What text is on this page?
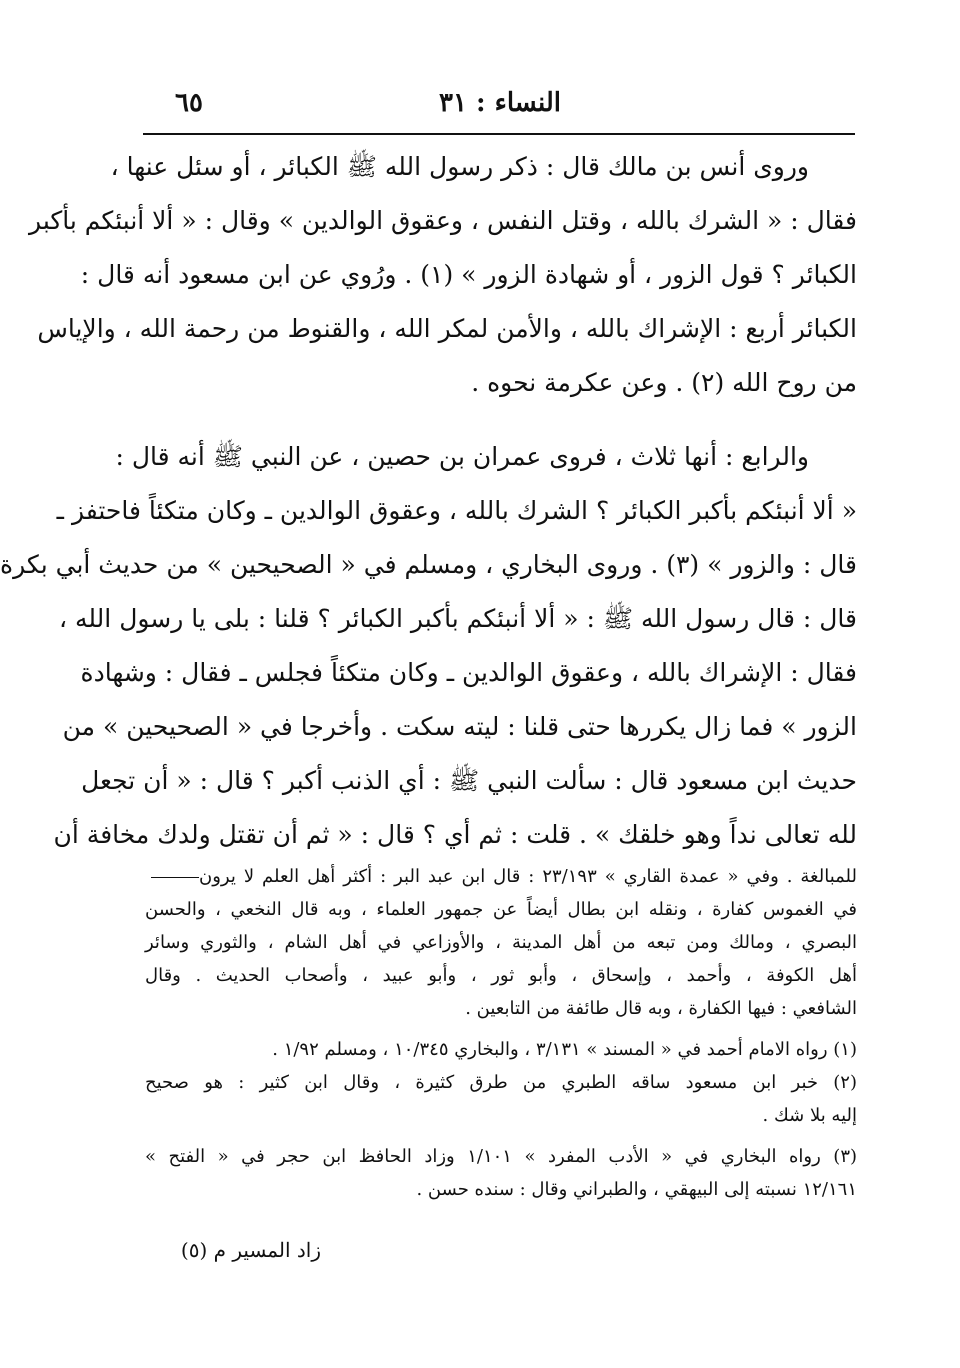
٦٥	النساء : ٣١
وروى أنس بن مالك قال : ذكر رسول الله ﷺ الكبائر ، أو سئل عنها ،
فقال : « الشرك بالله ، وقتل النفس ، وعقوق الوالدين » وقال : « ألا أنبئكم بأكبر
الكبائر ؟ قول الزور ، أو شهادة الزور » (١) . ورُوي عن ابن مسعود أنه قال :
الكبائر أربع : الإشراك بالله ، والأمن لمكر الله ، والقنوط من رحمة الله ، والإياس
من روح الله (٢) . وعن عكرمة نحوه .
والرابع : أنها ثلاث ، فروى عمران بن حصين ، عن النبي ﷺ أنه قال :
« ألا أنبئكم بأكبر الكبائر ؟ الشرك بالله ، وعقوق الوالدين ـ وكان متكئاً فاحتفز ـ
قال : والزور » (٣) . وروى البخاري ، ومسلم في « الصحيحين » من حديث أبي بكرة
قال : قال رسول الله ﷺ : « ألا أنبئكم بأكبر الكبائر ؟ قلنا : بلى يا رسول الله ،
فقال : الإشراك بالله ، وعقوق الوالدين ـ وكان متكئاً فجلس ـ فقال : وشهادة
الزور » فما زال يكررها حتى قلنا : ليته سكت . وأخرجا في « الصحيحين » من
حديث ابن مسعود قال : سألت النبي ﷺ : أي الذنب أكبر ؟ قال : « أن تجعل
لله تعالى نداً وهو خلقك » . قلت : ثم أي ؟ قال : « ثم أن تقتل ولدك مخافة أن
للمبالغة . وفي « عمدة القاري » ٢٣/١٩٣ : قال ابن عبد البر : أكثر أهل العلم لا يرون
في الغموس كفارة ، ونقله ابن بطال أيضاً عن جمهور العلماء ، وبه قال النخعي ، والحسن
البصري ، ومالك ومن تبعه من أهل المدينة ، والأوزاعي في أهل الشام ، والثوري وسائر
أهل الكوفة ، وأحمد ، وإسحاق ، وأبو ثور ، وأبو عبيد ، وأصحاب الحديث . وقال
الشافعي : فيها الكفارة ، وبه قال طائفة من التابعين .
(١) رواه الامام أحمد في « المسند » ٣/١٣١ ، والبخاري ١٠/٣٤٥ ، ومسلم ١/٩٢ .
(٢) خبر ابن مسعود ساقه الطبري من طرق كثيرة ، وقال ابن كثير : هو صحيح
إليه بلا شك .
(٣) رواه البخاري في « الأدب المفرد » ١/١٠١ وزاد الحافظ ابن حجر في « الفتح »
١٢/١٦١ نسبته إلى البيهقي ، والطبراني وقال : سنده حسن .
زاد المسير م (٥)
